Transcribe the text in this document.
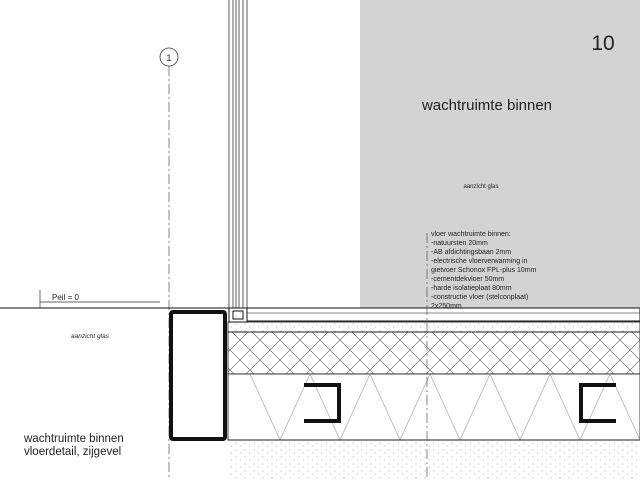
1
Peil = 0
10
wachtruimte binnen
aanzicht glas
aanzicht glas
vloer wachtruimte binnen:
-natuursten 20mm
-AB afdichtingsbaan 2mm
-electrische vloerverwarming in
gietvoer Schonox FPL-plus 10mm
-cementdekvloer 50mm
-harde isolatieplaat 80mm
-constructie vloer (stelconplaat)
2x250mm
wachtruimte binnen
vloerdetail, zijgevel
